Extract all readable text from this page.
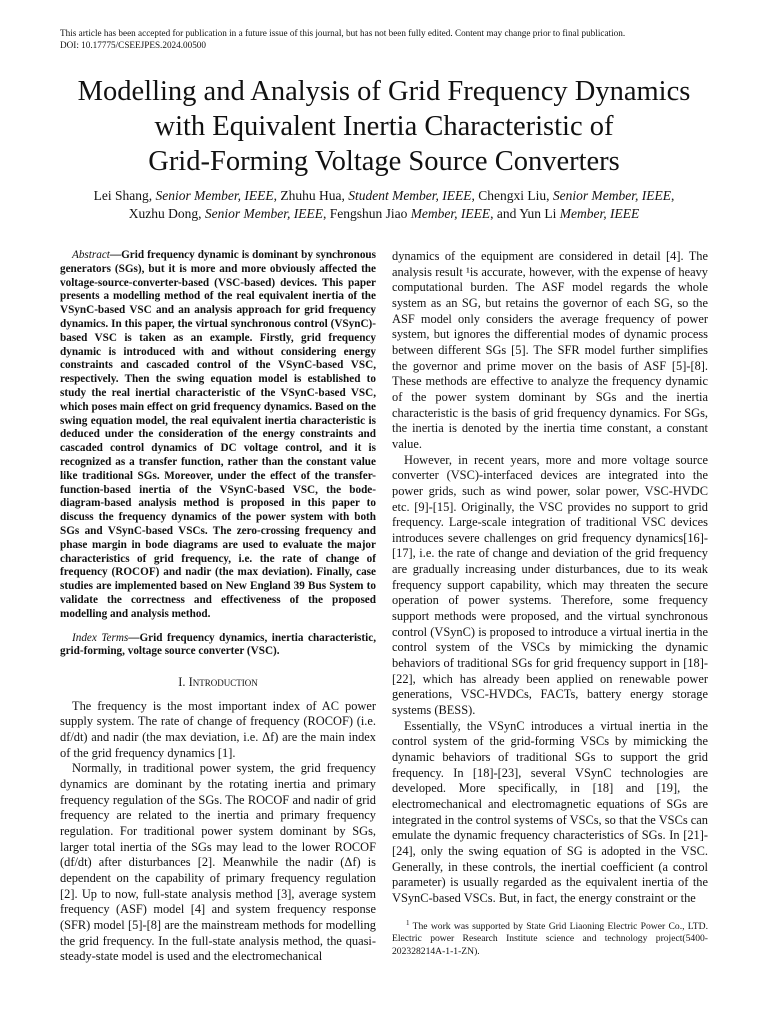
This article has been accepted for publication in a future issue of this journal, but has not been fully edited. Content may change prior to final publication.
DOI: 10.17775/CSEEJPES.2024.00500
Modelling and Analysis of Grid Frequency Dynamics
with Equivalent Inertia Characteristic of
Grid-Forming Voltage Source Converters
Lei Shang, Senior Member, IEEE, Zhuhu Hua, Student Member, IEEE, Chengxi Liu, Senior Member, IEEE,
Xuzhu Dong, Senior Member, IEEE, Fengshun Jiao Member, IEEE, and Yun Li Member, IEEE

Abstract—Grid frequency dynamic is dominant by synchronous generators (SGs), but it is more and more obviously affected the voltage-source-converter-based (VSC-based) devices. This paper presents a modelling method of the real equivalent inertia of the VSynC-based VSC and an analysis approach for grid frequency dynamics. In this paper, the virtual synchronous control (VSynC)-based VSC is taken as an example. Firstly, grid frequency dynamic is introduced with and without considering energy constraints and cascaded control of the VSynC-based VSC, respectively. Then the swing equation model is established to study the real inertial characteristic of the VSynC-based VSC, which poses main effect on grid frequency dynamics. Based on the swing equation model, the real equivalent inertia characteristic is deduced under the consideration of the energy constraints and cascaded control dynamics of DC voltage control, and it is recognized as a transfer function, rather than the constant value like traditional SGs. Moreover, under the effect of the transfer-function-based inertia of the VSynC-based VSC, the bode-diagram-based analysis method is proposed in this paper to discuss the frequency dynamics of the power system with both SGs and VSynC-based VSCs. The zero-crossing frequency and phase margin in bode diagrams are used to evaluate the major characteristics of grid frequency, i.e. the rate of change of frequency (ROCOF) and nadir (the max deviation). Finally, case studies are implemented based on New England 39 Bus System to validate the correctness and effectiveness of the proposed modelling and analysis method.

Index Terms—Grid frequency dynamics, inertia characteristic, grid-forming, voltage source converter (VSC).

I. Introduction

The frequency is the most important index of AC power supply system. The rate of change of frequency (ROCOF) (i.e. df/dt) and nadir (the max deviation, i.e. Δf) are the main index of the grid frequency dynamics [1].

Normally, in traditional power system, the grid frequency dynamics are dominant by the rotating inertia and primary frequency regulation of the SGs. The ROCOF and nadir of grid frequency are related to the inertia and primary frequency regulation. For traditional power system dominant by SGs, larger total inertia of the SGs may lead to the lower ROCOF (df/dt) after disturbances [2]. Meanwhile the nadir (Δf) is dependent on the capability of primary frequency regulation [2]. Up to now, full-state analysis method [3], average system frequency (ASF) model [4] and system frequency response (SFR) model [5]-[8] are the mainstream methods for modelling the grid frequency. In the full-state analysis method, the quasi-steady-state model is used and the electromechanical

dynamics of the equipment are considered in detail [4]. The analysis result ¹is accurate, however, with the expense of heavy computational burden. The ASF model regards the whole system as an SG, but retains the governor of each SG, so the ASF model only considers the average frequency of power system, but ignores the differential modes of dynamic process between different SGs [5]. The SFR model further simplifies the governor and prime mover on the basis of ASF [5]-[8]. These methods are effective to analyze the frequency dynamic of the power system dominant by SGs and the inertia characteristic is the basis of grid frequency dynamics. For SGs, the inertia is denoted by the inertia time constant, a constant value.

However, in recent years, more and more voltage source converter (VSC)-interfaced devices are integrated into the power grids, such as wind power, solar power, VSC-HVDC etc. [9]-[15]. Originally, the VSC provides no support to grid frequency. Large-scale integration of traditional VSC devices introduces severe challenges on grid frequency dynamics[16]-[17], i.e. the rate of change and deviation of the grid frequency are gradually increasing under disturbances, due to its weak frequency support capability, which may threaten the secure operation of power systems. Therefore, some frequency support methods were proposed, and the virtual synchronous control (VSynC) is proposed to introduce a virtual inertia in the control system of the VSCs by mimicking the dynamic behaviors of traditional SGs for grid frequency support in [18]-[22], which has already been applied on renewable power generations, VSC-HVDCs, FACTs, battery energy storage systems (BESS).

Essentially, the VSynC introduces a virtual inertia in the control system of the grid-forming VSCs by mimicking the dynamic behaviors of traditional SGs to support the grid frequency. In [18]-[23], several VSynC technologies are developed. More specifically, in [18] and [19], the electromechanical and electromagnetic equations of SGs are integrated in the control systems of VSCs, so that the VSCs can emulate the dynamic frequency characteristics of SGs. In [21]-[24], only the swing equation of SG is adopted in the VSC. Generally, in these controls, the inertial coefficient (a control parameter) is usually regarded as the equivalent inertia of the VSynC-based VSCs. But, in fact, the energy constraint or the

$^1$ The work was supported by State Grid Liaoning Electric Power Co., LTD. Electric power Research Institute science and technology project(5400-202328214A-1-1-ZN).
